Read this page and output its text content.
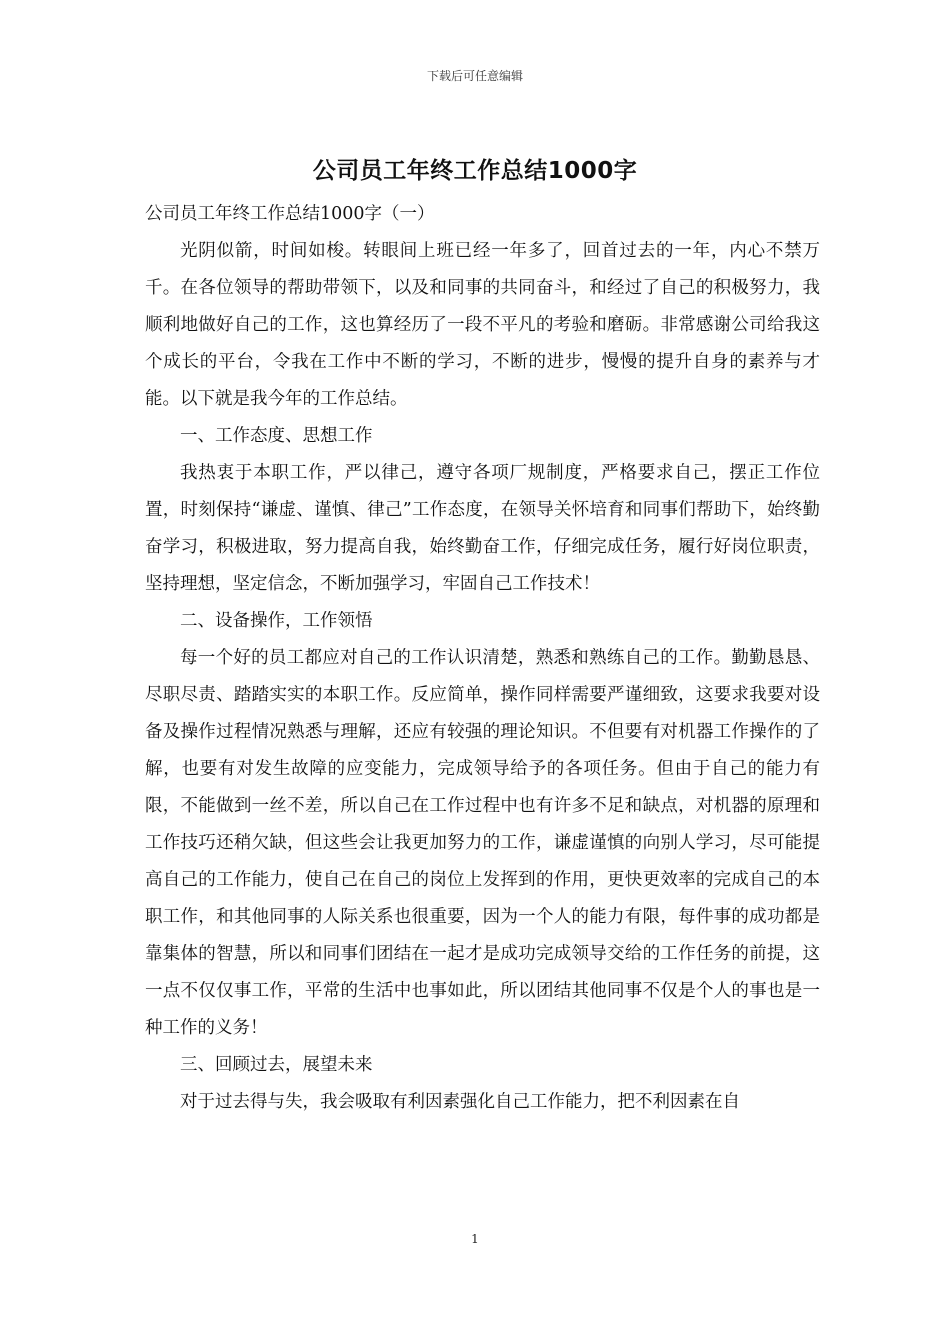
下载后可任意编辑
公司员工年终工作总结1000字

公司员工年终工作总结1000字（一）

光阴似箭，时间如梭。转眼间上班已经一年多了，回首过去的一年，内心不禁万千。在各位领导的帮助带领下，以及和同事的共同奋斗，和经过了自己的积极努力，我顺利地做好自己的工作，这也算经历了一段不平凡的考验和磨砺。非常感谢公司给我这个成长的平台，令我在工作中不断的学习，不断的进步，慢慢的提升自身的素养与才能。以下就是我今年的工作总结。

一、工作态度、思想工作

我热衷于本职工作，严以律己，遵守各项厂规制度，严格要求自己，摆正工作位置，时刻保持“谦虚、谨慎、律己”工作态度，在领导关怀培育和同事们帮助下，始终勤奋学习，积极进取，努力提高自我，始终勤奋工作，仔细完成任务，履行好岗位职责，坚持理想，坚定信念，不断加强学习，牢固自己工作技术！

二、设备操作，工作领悟

每一个好的员工都应对自己的工作认识清楚，熟悉和熟练自己的工作。勤勤恳恳、尽职尽责、踏踏实实的本职工作。反应简单，操作同样需要严谨细致，这要求我要对设备及操作过程情况熟悉与理解，还应有较强的理论知识。不但要有对机器工作操作的了解，也要有对发生故障的应变能力，完成领导给予的各项任务。但由于自己的能力有限，不能做到一丝不差，所以自己在工作过程中也有许多不足和缺点，对机器的原理和工作技巧还稍欠缺，但这些会让我更加努力的工作，谦虚谨慎的向别人学习，尽可能提高自己的工作能力，使自己在自己的岗位上发挥到的作用，更快更效率的完成自己的本职工作，和其他同事的人际关系也很重要，因为一个人的能力有限，每件事的成功都是靠集体的智慧，所以和同事们团结在一起才是成功完成领导交给的工作任务的前提，这一点不仅仅事工作，平常的生活中也事如此，所以团结其他同事不仅是个人的事也是一种工作的义务！

三、回顾过去，展望未来

对于过去得与失，我会吸取有利因素强化自己工作能力，把不利因素在自

1
